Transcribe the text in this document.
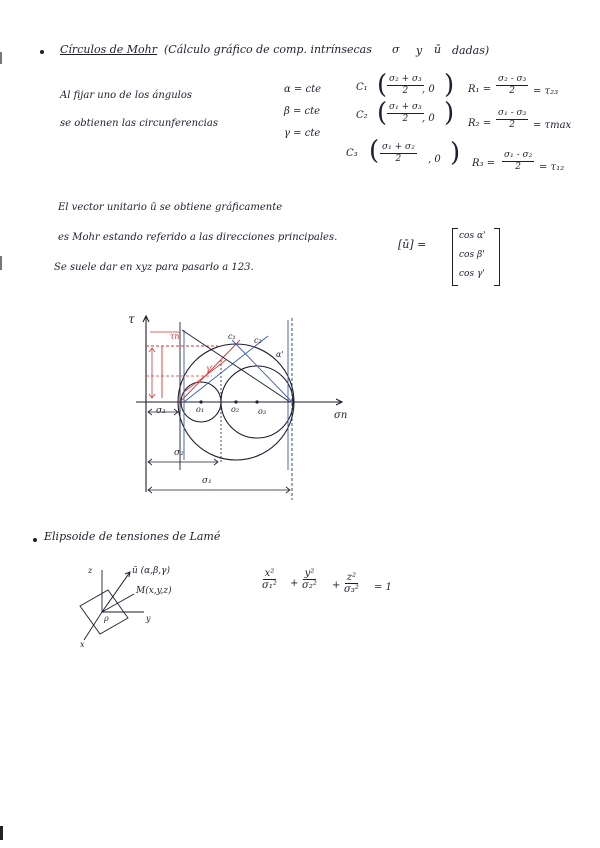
Círculos de Mohr (Cálculo gráfico de comp. intrínsecas σ y ū dadas)
Al fijar uno de los ángulos
se obtienen las circunferencias
α = cte
β = cte
γ = cte
C₁ ( $\frac{\text{σ₂ + σ₃}}{2}$
, 0 ) $R_1 = \frac{\text{σ₂ - σ₃}}{2} = \tau_{23}$
C₂ ( $\frac{\text{σ₁ + σ₃}}{2}$
, 0 ) $R_2 = \frac{\text{σ₁ - σ₃}}{2} = \tau\max$
C₃ ( $\frac{\text{σ₁ + σ₂}}{2}$ , 0 ) $R_3 = \frac{\text{σ₁ - σ₂}}{2} = \tau_{12}$
El vector unitario ū se obtiene gráficamente
es Mohr estando referido a las direcciones principales.
Se suele dar en xyz para pasarlo a 123.
[ū] =
cos α'
cos β'
cos γ'
τ
σn
σ₃
σ₂
σ₁
o₁	o₂ o₃
c₁ c₂
τn
α'
γ'
Elipsoide de tensiones de Lamé
z
y
x
ū (α,β,γ)
M(x,y,z)
ρ
$\frac{\text{x²}}{\text{σ₁²}} + \frac{\text{y²}}{\text{σ₂²}} + \frac{\text{z²}}{\text{σ₃²}} = 1$
